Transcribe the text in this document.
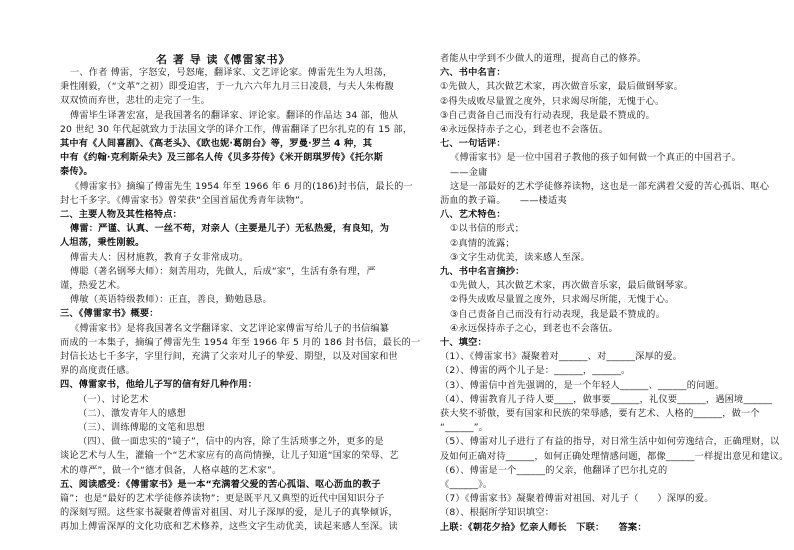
名 著 导 读《傅雷家书》
一、作者 傅雷，字怒安，号怒庵，翻译家、文艺评论家。傅雷先生为人坦荡，
秉性刚毅，（“文革”之初）即受迫害，于一九六六年九月三日凌晨，与夫人朱梅馥
双双愤而弃世，悲壮的走完了一生。
傅雷毕生译著宏富，是我国著名的翻译家、评论家。翻译的作品达 34 部，他从
20 世纪 30 年代起就致力于法国文学的译介工作，傅雷翻译了巴尔扎克的有 15 部，
其中有《人间喜剧》、《高老头》、《欧也妮·葛朗台》等，罗曼·罗兰 4 种，其
中有《约翰·克利斯朵夫》及三部名人传《贝多芬传》《米开朗琪罗传》《托尔斯
泰传》。
《傅雷家书》摘编了傅雷先生 1954 年至 1966 年 6 月的(186)封书信，最长的一
封七千多字。《傅雷家书》曾荣获“全国首届优秀青年读物”。
二、主要人物及其性格特点：
傅雷：严谨、认真、一丝不苟，对亲人（主要是儿子）无私热爱，有良知，为
人坦荡，秉性刚毅。
傅雷夫人：因材施教，教育子女非常成功。
傅聪（著名钢琴大师）：刻苦用功，先做人，后成“家”，生活有条有理，严
谨，热爱艺术。
傅敏（英语特级教师）：正直，善良，勤勉恳恳。
三、《傅雷家书》概要：
《傅雷家书》是将我国著名文学翻译家、文艺评论家傅雷写给儿子的书信编纂
而成的一本集子，摘编了傅雷先生 1954 年至 1966 年 5 月的 186 封书信，最长的一
封信长达七千多字，字里行间，充满了父亲对儿子的挚爱、期望，以及对国家和世
界的高度责任感。
四、傅雷家书，他给儿子写的信有好几种作用：
（一）、讨论艺术
（二）、激发青年人的感想
（三）、训练傅聪的文笔和思想
（四）、做一面忠实的“镜子”，信中的内容，除了生活琐事之外，更多的是
谈论艺术与人生，灌输一个“艺术家应有的高尚情操，让儿子知道“国家的荣辱、艺
术的尊严”，做一个“德才俱备，人格卓越的艺术家”。
五、阅读感受：《傅雷家书》是一本“充满着父爱的苦心孤诣、呕心沥血的教子
篇”；也是“最好的艺术学徒修养读物”；更是既平凡又典型的近代中国知识分子
的深刻写照。这些家书凝聚着傅雷对祖国、对儿子深厚的爱，是儿子的真挚倾诉，
再加上傅雷深厚的文化功底和艺术修养，这些文字生动优美，读起来感人至深。读
者能从中学到不少做人的道理，提高自己的修养。
六、书中名言：
①先做人，其次做艺术家，再次做音乐家，最后做钢琴家。
②得失成败尽量置之度外，只求竭尽所能，无愧于心。
③自己责备自己而没有行动表现，我是最不赞成的。
④永远保持赤子之心，到老也不会落伍。
七、一句话评：
《傅雷家书》是一位中国君子教他的孩子如何做一个真正的中国君子。
——金庸
这是一部最好的艺术学徒修养读物，这也是一部充满着父爱的苦心孤诣、呕心
沥血的教子篇。　　——楼适夷
八、艺术特色：
①以书信的形式；
②真情的流露；
③文字生动优美，读来感人至深。
九、书中名言摘抄：
①先做人，其次做艺术家，再次做音乐家，最后做钢琴家。
②得失成败尽量置之度外，只求竭尽所能，无愧于心。
③自己责备自己而没有行动表现，我是最不赞成的。
④永远保持赤子之心，到老也不会落伍。
十、填空：
（1）、《傅雷家书》凝聚着对______、对______深厚的爱。
（2）、傅雷的两个儿子是：______，______。
（3）、傅雷信中首先强调的，是一个年轻人______、______的问题。
（4）、傅雷教育儿子待人要____，做事要______，礼仪要______，遇困境______
获大奖不骄傲，要有国家和民族的荣辱感，要有艺术、人格的______，做一个
“______”。
（5）、傅雷对儿子进行了有益的指导，对日常生活中如何劳逸结合，正确理财，以
及如何正确对待______，如何正确处理情感问题，都像______一样提出意见和建议。
（6）、傅雷是一个______的父亲，他翻译了巴尔扎克的
《______》。
（7）《傅雷家书》凝聚着傅雷对祖国、对儿子（　　）深厚的爱。
（8）、根据所学知识填空：
上联：《朝花夕拾》忆亲人师长　下联：　　答案：
